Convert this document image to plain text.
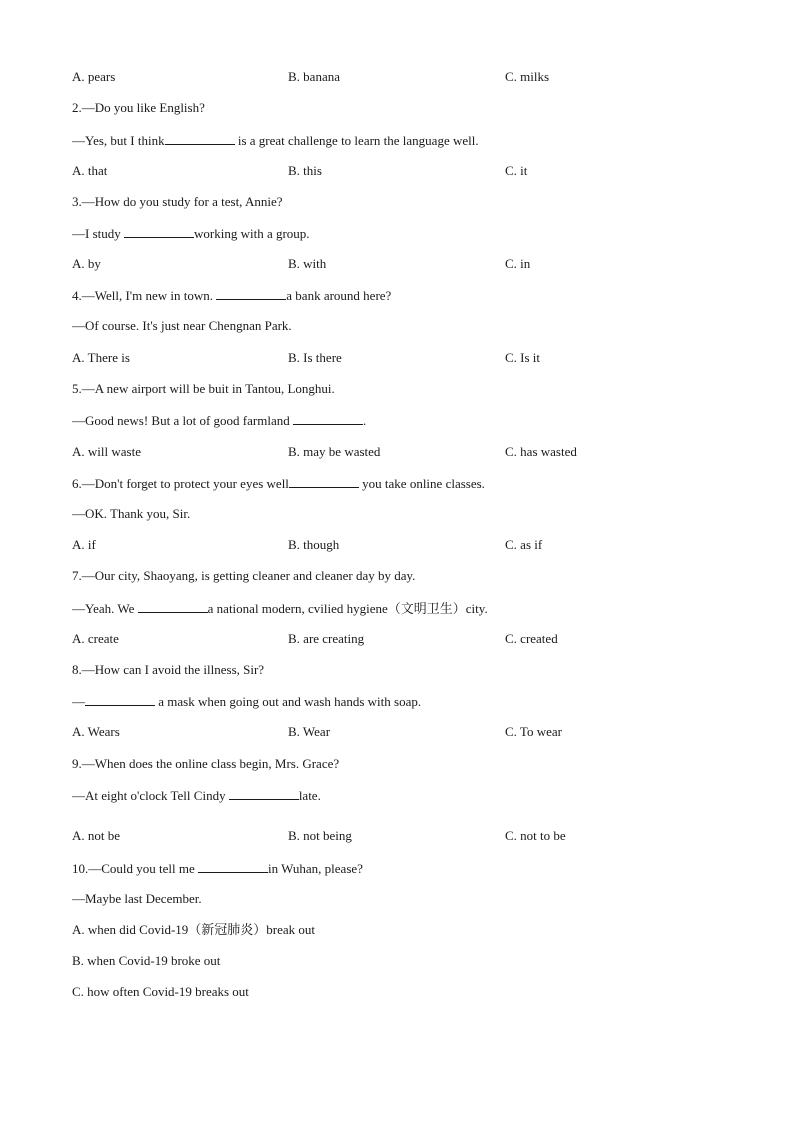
A. pears	B. banana	C. milks
2.—Do you like English?
—Yes, but I think	is a great challenge to learn the language well.
A. that	B. this	C. it
3.—How do you study for a test, Annie?
—I study	working with a group.
A. by	B. with	C. in
4.—Well, I'm new in town.	a bank around here?
—Of course. It's just near Chengnan Park.
A. There is	B. Is there	C. Is it
5.—A new airport will be buit in Tantou, Longhui.
—Good news! But a lot of good farmland	.
A. will waste	B. may be wasted	C. has wasted
6.—Don't forget to protect your eyes well	you take online classes.
—OK. Thank you, Sir.
A. if	B. though	C. as if
7.—Our city, Shaoyang, is getting cleaner and cleaner day by day.
—Yeah. We	a national modern, cvilied hygiene（文明卫生）city.
A. create	B. are creating	C. created
8.—How can I avoid the illness, Sir?
—	a mask when going out and wash hands with soap.
A. Wears	B. Wear	C. To wear
9.—When does the online class begin, Mrs. Grace?
—At eight o'clock Tell Cindy	late.
A. not be	B. not being	C. not to be
10.—Could you tell me	in Wuhan, please?
—Maybe last December.
A. when did Covid-19（新冠肺炎）break out
B. when Covid-19 broke out
C. how often Covid-19 breaks out
